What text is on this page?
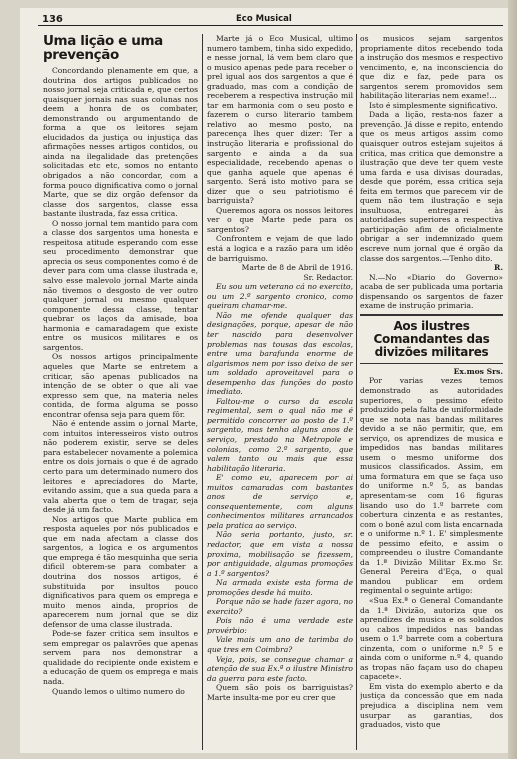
136	Eco Musical
Uma lição e uma prevenção

Concordando plenamente em que, a doutrina dos artigos publicados no nosso jornal seja criticada e, que certos quaisquer jornais nas suas colunas nos deem a honra de os combater, demonstrando ou argumentando de forma a que os leitores sejam elucidados da justiça ou injustiça das afirmações nesses artigos contidos, ou ainda na ilegalidade das pretenções solicitadas etc etc, somos no entanto obrigados a não concordar, com a forma pouco dignificativa como o jornal Marte, que se diz orgão defensor da classe dos sargentos, classe essa bastante ilustrada, faz essa critica.

O nosso jornal tem mantido para com a classe dos sargentos uma honesta e respeitosa atitude esperando com esse seu procedimento demonstrar que aprecia os seus componentes como é de dever para com uma classe ilustrada e, salvo esse malevolo jornal Marte ainda não tivemos o desgosto de ver outro qualquer jornal ou mesmo qualquer componente dessa classe, tentar quebrar os laços da amisade, boa harmonia e camaradagem que existe entre os musicos militares e os sargentos.

Os nossos artigos principalmente aqueles que Marte se entretem a criticar, são apenas publicados na intenção de se obter o que ali vae expresso sem que, na materia neles contida, de forma alguma se posso encontrar ofensa seja para quem fôr.

Não é entende assim o jornal Marte, com intuitos interesseiros visto outros não poderem existir, serve se deles para estabelecer novamente a polemica entre os dois jornais o que é de agrado certo para um determinado numero dos leitores e apreciadores do Marte, evitando assim, que a sua queda para a vala aberta que o tem de tragar, seja desde já um facto.

Nos artigos que Marte publica em resposta aqueles por nós publicados e que em nada afectam a classe dos sargentos, a logica e os argumentos que emprega é tão mesquinha que seria dificil obterem-se para combater a doutrina dos nossos artigos, é substituida por insultos pouco dignificativos para quem os emprega e muito menos ainda, proprios de aparecerem num jornal que se diz defensor de uma classe ilustrada.

Pode-se fazer critica sem insultos e sem empregar os palavrões que apenas servem para nos demonstrar a qualidade do recipiente onde existem e a educação de quem os emprega e mais nada.

Quando lemos o ultimo numero do

Marte já o Eco Musical, ultimo numero tambem, tinha sido expedido, e nesse jornal, lá vem bem claro que o musico apenas pede para receber o prel igual aos dos sargentos a que é graduado, mas com a condição de receberem a respectiva instrução mil tar em harmonia com o seu posto e fazerem o curso literario tambem relativo ao mesmo posto, na parecença lhes quer dizer: Ter a instrução literaria e profissional do sargento e ainda a da sua especialidade, recebendo apenas o que ganha aquele que apenas é sargento. Será isto motivo para se dizer que o seu patriotismo é barriguista?

Queremos agora os nossos leitores ver o que Marte pede para os sargentos?

Confrontem e vejam de que lado está a logica e a razão para um idêo de barriguismo.

Marte de 8 de Abril de 1916.

Sr. Redactor.

Eu sou um veterano cá no exercito, ou um 2.º sargento cronico, como queiram chamar-me.

Não me ofende qualquer das designações, porque, apesar de não ter nascido para desenvolver problemas nas tousas das escolas, entre uma barafunda enorme de algarismos nem por isso deixo de ser um soldado aproveitavel para o desempenho das funções do posto imediato.

Faltou-me o curso da escola regimental, sem o qual não me é permitido concorrer ao posto de 1.º sargento, mas tenho alguns anos de serviço, prestado na Metropole e colonias, como 2.º sargento, que valem tanto ou mais que essa habilitação literaria.

E' como eu, aparecem por ai muitos camaradas com bastantes anos de serviço e, consequentemente, com alguns conhecimentos militares arrancados pela pratica ao serviço.

Não seria portanto, justo, sr. redactor, que em vista a nossa proxima, mobilisação se fizessem, por antiguidade, algumas promoções a 1.º sargentos?

Na armada existe esta forma de promoções desde há muito.

Porque não se hade fazer agora, no exercito?

Pois não é uma verdade este provérbio:

Vale mais um ano de tarimba do que tres em Coimbra?

Veja, pois, se consegue chamar a atenção de sua Ex.ª o ilustre Ministro da guerra para este facto.

Quem são pois os barriguistas? Marte insulta-me por eu crer que

os musicos sejam sargentos propriamente ditos recebendo toda a instrução dos mesmos e respectivo vencimento, e, na inconsciencia do que diz e faz, pede para os sargentos serem promovidos sem habilitação literarias nem exame!...

Isto é simplesmente significativo.

Dada a lição, resta-nos fazer a prevenção. Já disse e repito, entendo que os meus artigos assim como quaisquer outros estejam sujeitos á critica, mas critica que demonstre a ilustração que deve ter quem veste uma farda e usa divisas douradas, desde que porém, essa critica seja feita em termos que parecem vir de quem não tem ilustração e seja insultuosa, entregarei às autoridades superiores a respectiva participação afim de oficialmente obrigar a ser indemnizado quem escreve num jornal que é orgão da classe dos sargentos.—Tenho dito.

R.

N.—No «Diario do Governo» acaba de ser publicada uma portaria dispensando os sargentos de fazer exame de instrução primaria.

Aos ilustres Comandantes das divizões militares

Ex.mos Srs.

Por varias vezes temos demonstrado as autoridades superiores, o pessimo efeito produzido pela falta de uniformidade que se nota nas bandas militares devido a se não permitir, que, em serviço, os aprendizes de musica e impedidos nas bandas militares usem o mesmo uniforme dos musicos classificados. Assim, em uma formatura em que se faça uso do uniforme n.º 5, as bandas apresentam-se com 16 figuras lisando uso do 1.º barrete com cobertura cinzenta e as restantes, com o bonê azul com lista encarnada e o uniforme n.º 1. E' simplesmente de pessimo efeito, e assim o compreendeu o ilustre Comandante da 1.ª Divizão Militar Ex.mo Sr. General Pereira d'Eça, o qual mandou publicar em ordem regimental o seguinte artigo:

«Sua Ex.ª o General Comandante da 1.ª Divizão, autoriza que os aprendizes de musica e os soldados ou cabos impedidos nas bandas usem o 1.º barrete com a cobertura cinzenta, com o uniforme n.º 5 e ainda com o uniforme n.º 4, quando as tropas não façam uso do chapeu capacete».

Em vista do exemplo aberto e da justiça da concessão que em nada prejudica a disciplina nem vem usurpar as garantias, dos graduados, visto que
